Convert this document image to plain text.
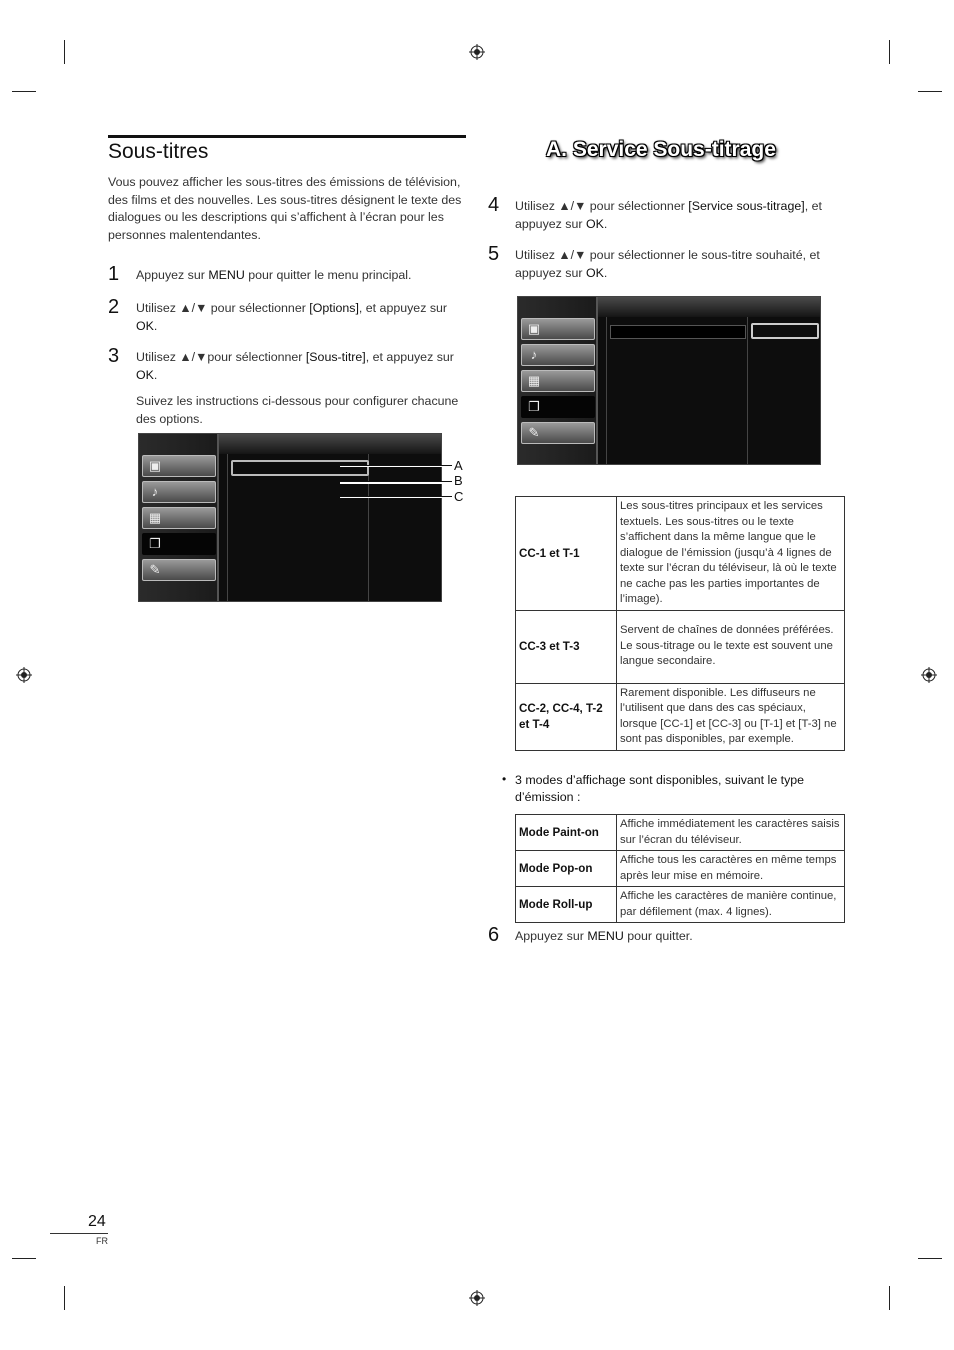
Sous-titres
Vous pouvez afficher les sous-titres des émissions de télévision, des films et des nouvelles. Les sous-titres désignent le texte des dialogues ou les descriptions qui s’affichent à l’écran pour les personnes malentendantes.
1 Appuyez sur MENU pour quitter le menu principal.
2 Utilisez ▲/▼ pour sélectionner [Options], et appuyez sur OK.
3 Utilisez ▲/▼pour sélectionner [Sous-titre], et appuyez sur OK.
Suivez les instructions ci-dessous pour configurer chacune des options.
▣
♪
▦
❐
✎
A
B
C
A. Service Sous-titrage
4 Utilisez ▲/▼ pour sélectionner [Service sous-titrage], et appuyez sur OK.
5 Utilisez ▲/▼ pour sélectionner le sous-titre souhaité, et appuyez sur OK.
▣
♪
▦
❐
✎
CC-1 et T-1	Les sous-titres principaux et les services textuels. Les sous-titres ou le texte s’affichent dans la même langue que le dialogue de l’émission (jusqu’à 4 lignes de texte sur l’écran du téléviseur, là où le texte ne cache pas les parties importantes de l’image).
CC-3 et T-3	Servent de chaînes de données préférées. Le sous-titrage ou le texte est souvent une langue secondaire.
CC-2, CC-4, T-2 et T-4	Rarement disponible. Les diffuseurs ne l’utilisent que dans des cas spéciaux, lorsque [CC-1] et [CC-3] ou [T-1] et [T-3] ne sont pas disponibles, par exemple.
• 3 modes d’affichage sont disponibles, suivant le type d’émission :
Mode Paint-on	Affiche immédiatement les caractères saisis sur l’écran du téléviseur.
Mode Pop-on	Affiche tous les caractères en même temps après leur mise en mémoire.
Mode Roll-up	Affiche les caractères de manière continue, par défilement (max. 4 lignes).
6 Appuyez sur MENU pour quitter.
24
FR
